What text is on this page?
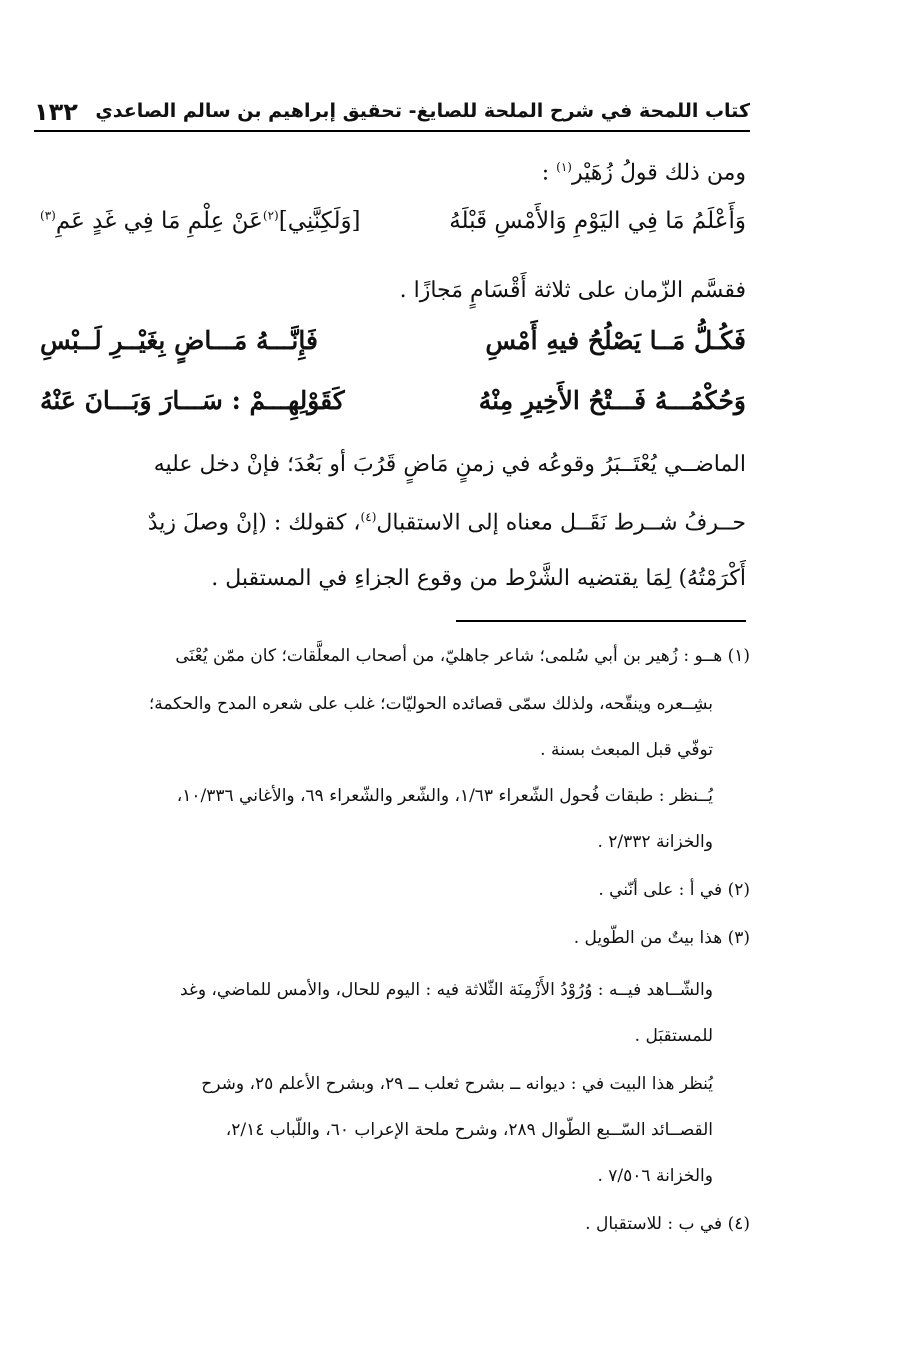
كتاب اللمحة في شرح الملحة للصايغ- تحقيق إبراهيم بن سالم الصاعدي
١٣٢
ومن ذلك قولُ زُهَيْر$^{(١)}$ :
وَأَعْلَمُ مَا فِي اليَوْمِ وَالأَمْسِ قَبْلَهُ
[وَلَكِنَّنِي]$^{(٢)}$عَنْ عِلْمِ مَا فِي غَدٍ عَمِ$^{(٣)}$
فقسَّم الزّمان على ثلاثة أَقْسَامٍ مَجازًا .
فَكُـلُّ مَــا يَصْلُحُ فيهِ أَمْسِ
فَإِنَّـــهُ مَـــاضٍ بِغَيْــرِ لَــبْسِ
وَحُكْمُـــهُ فَـــتْحُ الأَخِيرِ مِنْهُ
كَقَوْلِهِـــمْ : سَـــارَ وَبَـــانَ عَنْهُ
الماضــي يُعْتَــبَرُ وقوعُه في زمنٍ مَاضٍ قَرُبَ أو بَعُدَ؛ فإنْ دخل عليه
حــرفُ شــرط نَقَــل معناه إلى الاستقبال$^{(٤)}$، كقولك : (إنْ وصلَ زيدٌ
أَكْرَمْتُهُ) لِمَا يقتضيه الشَّرْط من وقوع الجزاءِ في المستقبل .
(١) هــو : زُهير بن أبي سُلمى؛ شاعر جاهليّ، من أصحاب المعلَّقات؛ كان ممّن يُعْنَى
بشِــعره وينقّحه، ولذلك سمّى قصائده الحوليّات؛ غلب على شعره المدح والحكمة؛
توفّي قبل المبعث بسنة .
يُــنظر : طبقات فُحول الشّعراء ١/٦٣، والشّعر والشّعراء ٦٩، والأغاني ١٠/٣٣٦،
والخزانة ٢/٣٣٢ .
(٢) في أ : على أنّني .
(٣) هذا بيتٌ من الطّويل .
والشّــاهد فيــه : وُرُوْدُ الأَزْمِنَة الثّلاثة فيه : اليوم للحال، والأمس للماضي، وغد
للمستقبَل .
يُنظر هذا البيت في : ديوانه ــ بشرح ثعلب ــ ٢٩، وبشرح الأعلم ٢٥، وشرح
القصــائد السّــبع الطّوال ٢٨٩، وشرح ملحة الإعراب ٦٠، واللّباب ٢/١٤،
والخزانة ٧/٥٠٦ .
(٤) في ب : للاستقبال .
